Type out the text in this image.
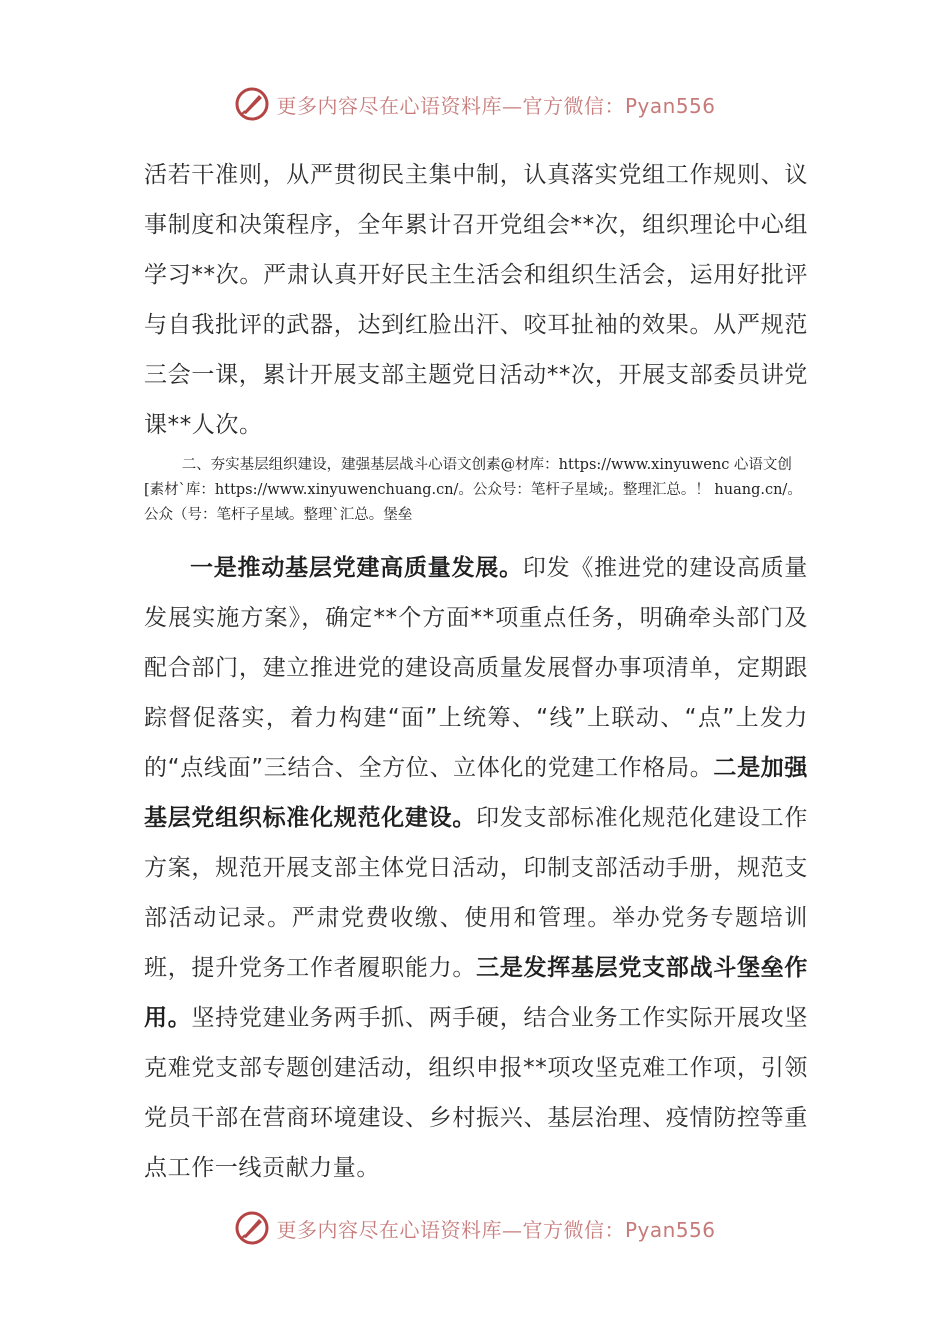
更多内容尽在心语资料库—官方微信：Pyan556

活若干准则，从严贯彻民主集中制，认真落实党组工作规则、议事制度和决策程序，全年累计召开党组会**次，组织理论中心组学习**次。严肃认真开好民主生活会和组织生活会，运用好批评与自我批评的武器，达到红脸出汗、咬耳扯袖的效果。从严规范三会一课，累计开展支部主题党日活动**次，开展支部委员讲党课**人次。

二、夯实基层组织建设，建强基层战斗心语文创素@材库：https://www.xinyuwenc 心语文创[素材`库：https://www.xinyuwenchuang.cn/。公众号：笔杆子星域;。整理汇总。！ huang.cn/。公众（号：笔杆子星域。整理`汇总。堡垒

一是推动基层党建高质量发展。印发《推进党的建设高质量发展实施方案》，确定**个方面**项重点任务，明确牵头部门及配合部门，建立推进党的建设高质量发展督办事项清单，定期跟踪督促落实，着力构建“面”上统筹、“线”上联动、“点”上发力的“点线面”三结合、全方位、立体化的党建工作格局。二是加强基层党组织标准化规范化建设。印发支部标准化规范化建设工作方案，规范开展支部主体党日活动，印制支部活动手册，规范支部活动记录。严肃党费收缴、使用和管理。举办党务专题培训班，提升党务工作者履职能力。三是发挥基层党支部战斗堡垒作用。坚持党建业务两手抓、两手硬，结合业务工作实际开展攻坚克难党支部专题创建活动，组织申报**项攻坚克难工作项，引领党员干部在营商环境建设、乡村振兴、基层治理、疫情防控等重点工作一线贡献力量。

更多内容尽在心语资料库—官方微信：Pyan556
